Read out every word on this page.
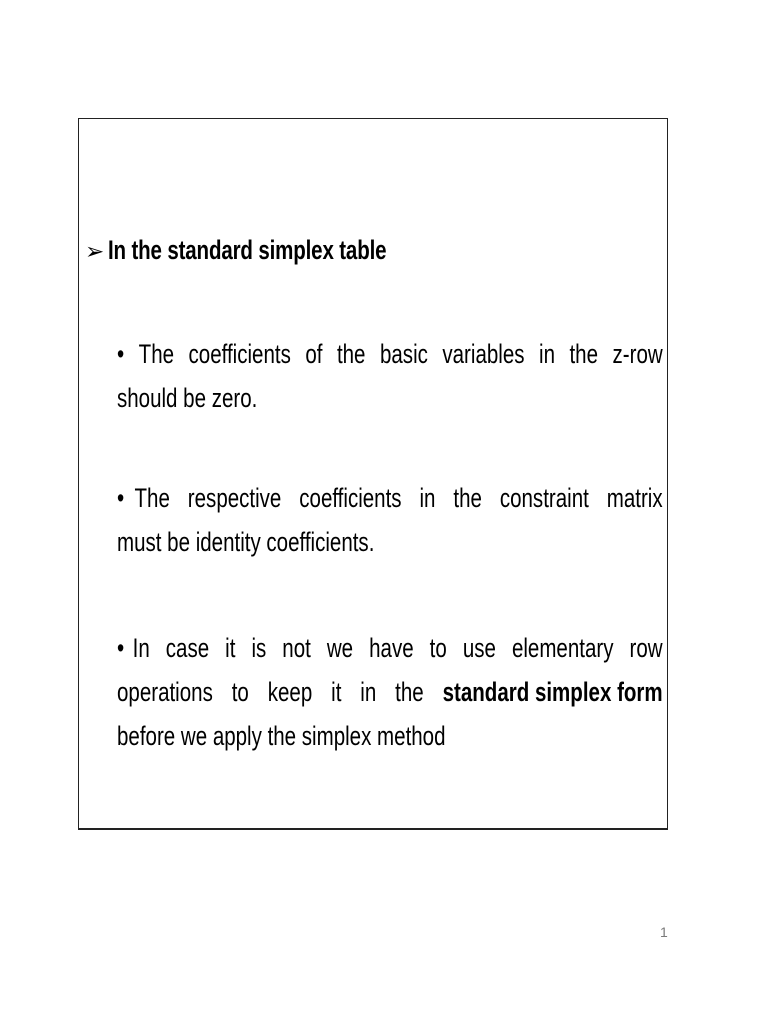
➢ In the standard simplex table
• The coefficients of the basic variables in the z-row
should be zero.
• The respective coefficients in the constraint matrix
must be identity coefficients.
• In case it is not we have to use elementary row
operations to keep it in the standard simplex form
before we apply the simplex method
1
